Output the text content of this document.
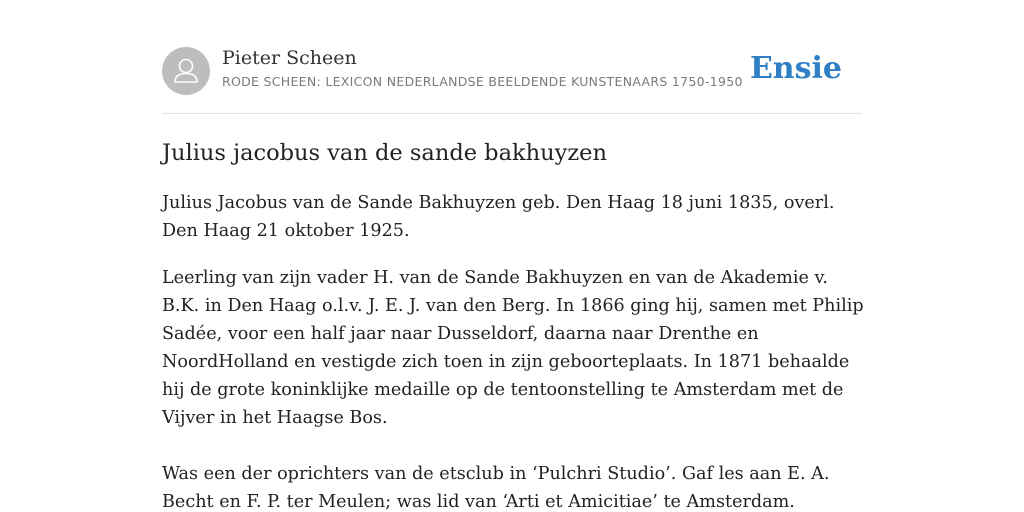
Pieter Scheen
RODE SCHEEN: LEXICON NEDERLANDSE BEELDENDE KUNSTENAARS 1750-1950 Ensie
Julius jacobus van de sande bakhuyzen

Julius Jacobus van de Sande Bakhuyzen geb. Den Haag 18 juni 1835, overl. Den Haag 21 oktober 1925.

Leerling van zijn vader H. van de Sande Bakhuyzen en van de Akademie v. B.K. in Den Haag o.l.v. J. E. J. van den Berg. In 1866 ging hij, samen met Philip Sadée, voor een half jaar naar Dusseldorf, daarna naar Drenthe en NoordHolland en vestigde zich toen in zijn geboorteplaats. In 1871 behaalde hij de grote koninklijke medaille op de tentoonstelling te Amsterdam met de Vijver in het Haagse Bos.

Was een der oprichters van de etsclub in ‘Pulchri Studio’. Gaf les aan E. A. Becht en F. P. ter Meulen; was lid van ‘Arti et Amicitiae’ te Amsterdam.
